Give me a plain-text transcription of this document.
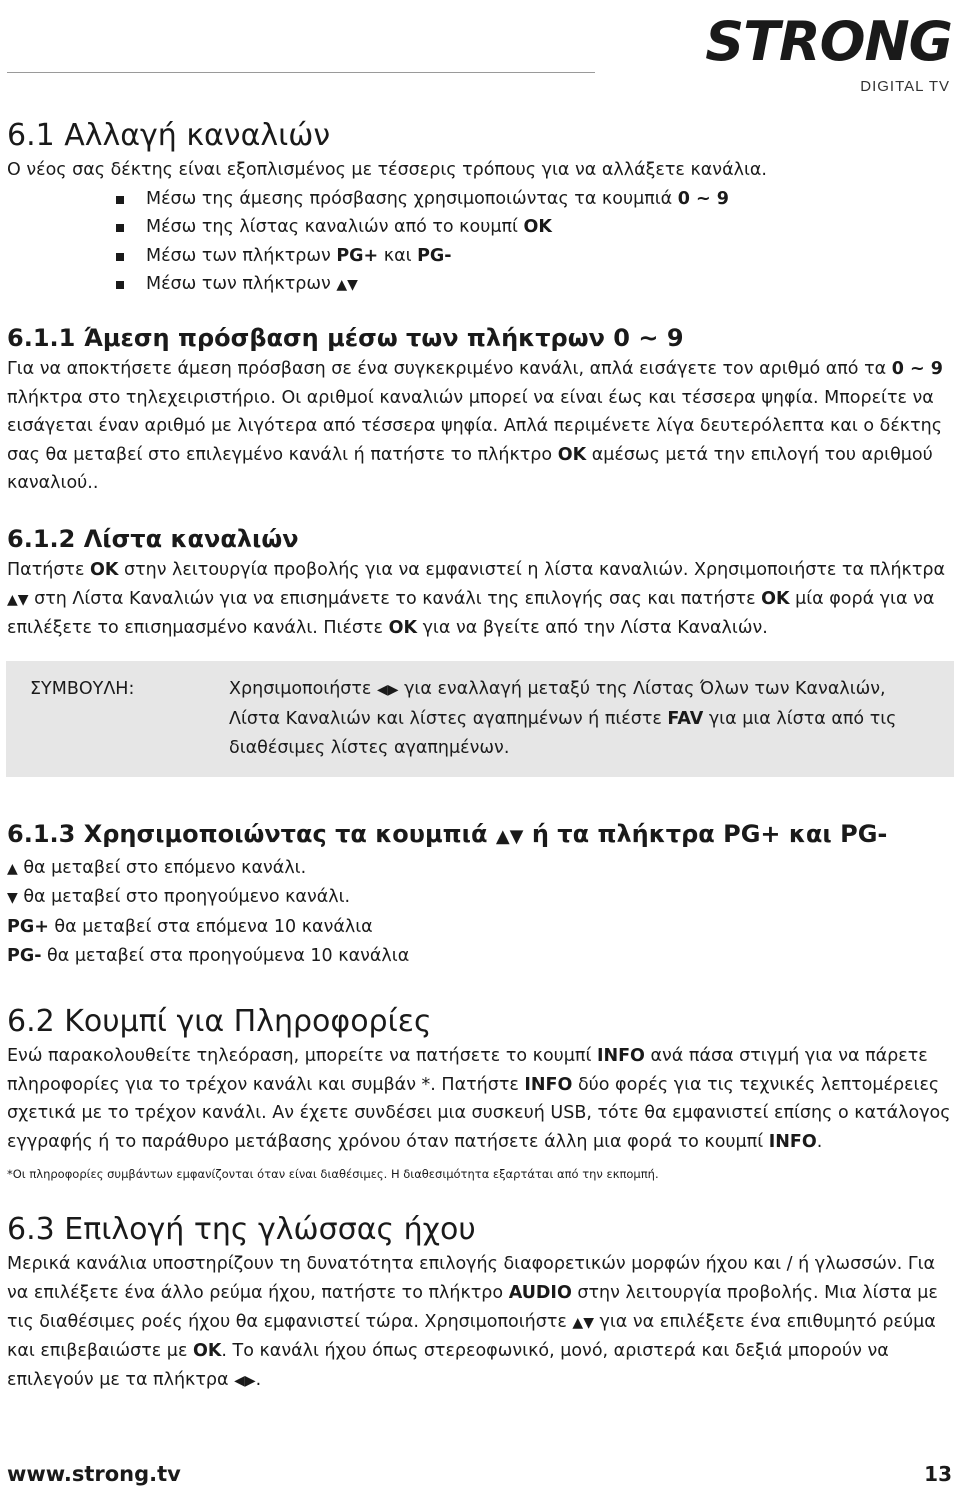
STRONG
DIGITAL TV
6.1 Αλλαγή καναλιών

Ο νέος σας δέκτης είναι εξοπλισμένος με τέσσερις τρόπους για να αλλάξετε κανάλια.

Μέσω της άμεσης πρόσβασης χρησιμοποιώντας τα κουμπιά 0 ~ 9
Μέσω της λίστας καναλιών από το κουμπί OK
Μέσω των πλήκτρων PG+ και PG-
Μέσω των πλήκτρων ▲▼
6.1.1 Άμεση πρόσβαση μέσω των πλήκτρων 0 ~ 9

Για να αποκτήσετε άμεση πρόσβαση σε ένα συγκεκριμένο κανάλι, απλά εισάγετε τον αριθμό από τα 0 ~ 9 πλήκτρα στο τηλεχειριστήριο. Οι αριθμοί καναλιών μπορεί να είναι έως και τέσσερα ψηφία. Μπορείτε να εισάγεται έναν αριθμό με λιγότερα από τέσσερα ψηφία. Απλά περιμένετε λίγα δευτερόλεπτα και ο δέκτης σας θα μεταβεί στο επιλεγμένο κανάλι ή πατήστε το πλήκτρο OK αμέσως μετά την επιλογή του αριθμού καναλιού..

6.1.2 Λίστα καναλιών

Πατήστε OK στην λειτουργία προβολής για να εμφανιστεί η λίστα καναλιών. Χρησιμοποιήστε τα πλήκτρα ▲▼ στη Λίστα Καναλιών για να επισημάνετε το κανάλι της επιλογής σας και πατήστε OK μία φορά για να επιλέξετε το επισημασμένο κανάλι. Πιέστε OK για να βγείτε από την Λίστα Καναλιών.

ΣΥΜΒΟΥΛΗ:	Χρησιμοποιήστε ◀▶ για εναλλαγή μεταξύ της Λίστας Όλων των Καναλιών, Λίστα Καναλιών και λίστες αγαπημένων ή πιέστε FAV για μια λίστα από τις διαθέσιμες λίστες αγαπημένων.
6.1.3 Χρησιμοποιώντας τα κουμπιά ▲▼ ή τα πλήκτρα PG+ και PG-

▲ θα μεταβεί στο επόμενο κανάλι.

▼ θα μεταβεί στο προηγούμενο κανάλι.

PG+ θα μεταβεί στα επόμενα 10 κανάλια

PG- θα μεταβεί στα προηγούμενα 10 κανάλια

6.2 Κουμπί για Πληροφορίες

Ενώ παρακολουθείτε τηλεόραση, μπορείτε να πατήσετε το κουμπί INFO ανά πάσα στιγμή για να πάρετε πληροφορίες για το τρέχον κανάλι και συμβάν *. Πατήστε INFO δύο φορές για τις τεχνικές λεπτομέρειες σχετικά με το τρέχον κανάλι. Αν έχετε συνδέσει μια συσκευή USB, τότε θα εμφανιστεί επίσης ο κατάλογος εγγραφής ή το παράθυρο μετάβασης χρόνου όταν πατήσετε άλλη μια φορά το κουμπί INFO.

*Οι πληροφορίες συμβάντων εμφανίζονται όταν είναι διαθέσιμες. Η διαθεσιμότητα εξαρτάται από την εκπομπή.

6.3 Επιλογή της γλώσσας ήχου

Μερικά κανάλια υποστηρίζουν τη δυνατότητα επιλογής διαφορετικών μορφών ήχου και / ή γλωσσών. Για να επιλέξετε ένα άλλο ρεύμα ήχου, πατήστε το πλήκτρο AUDIO στην λειτουργία προβολής. Μια λίστα με τις διαθέσιμες ροές ήχου θα εμφανιστεί τώρα. Χρησιμοποιήστε ▲▼ για να επιλέξετε ένα επιθυμητό ρεύμα και επιβεβαιώστε με OK. Το κανάλι ήχου όπως στερεοφωνικό, μονό, αριστερά και δεξιά μπορούν να επιλεγούν με τα πλήκτρα ◀▶.

www.strong.tv	13
